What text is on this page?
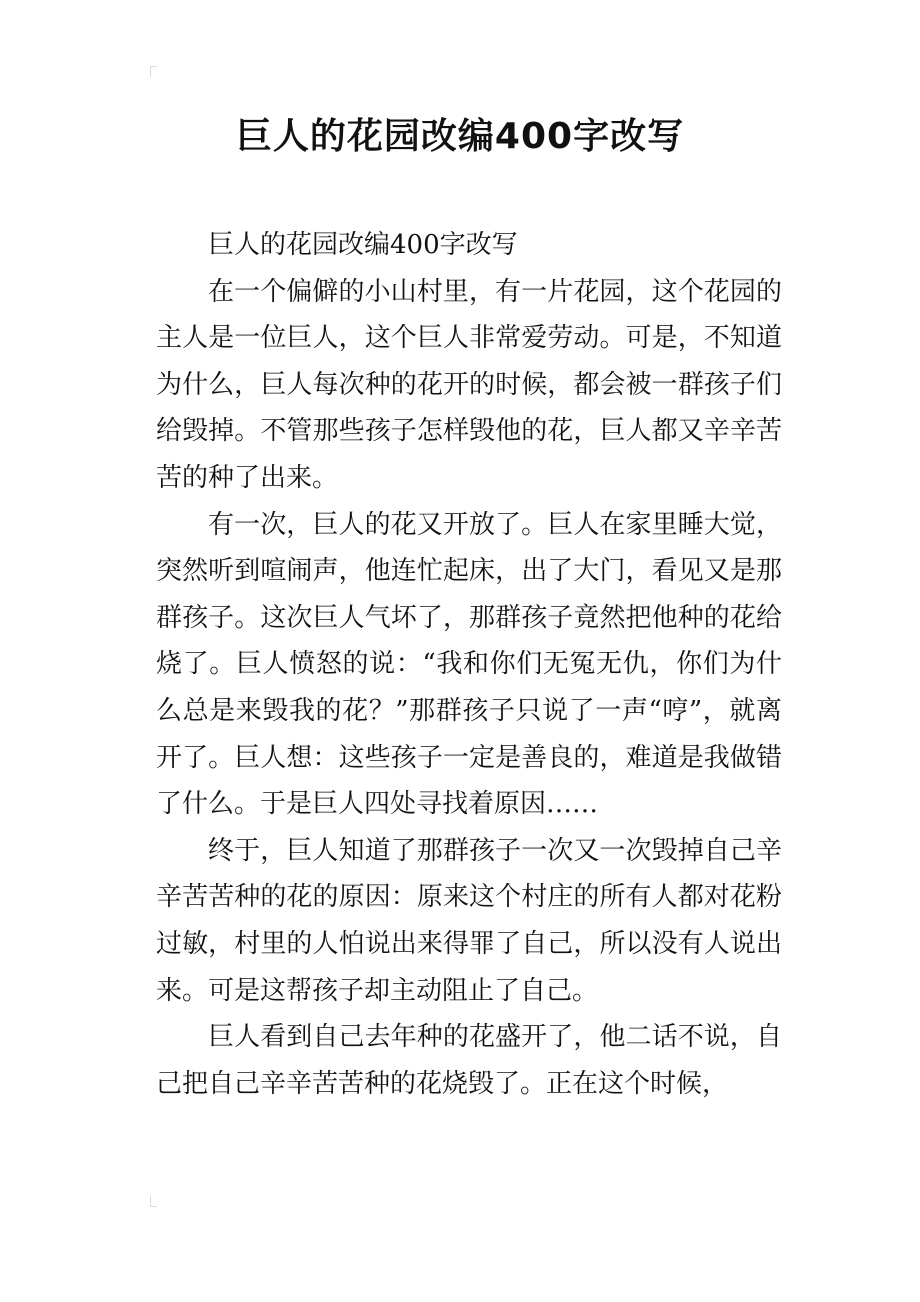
巨人的花园改编400字改写

巨人的花园改编400字改写

在一个偏僻的小山村里，有一片花园，这个花园的主人是一位巨人，这个巨人非常爱劳动。可是，不知道为什么，巨人每次种的花开的时候，都会被一群孩子们给毁掉。不管那些孩子怎样毁他的花，巨人都又辛辛苦苦的种了出来。

有一次，巨人的花又开放了。巨人在家里睡大觉，突然听到喧闹声，他连忙起床，出了大门，看见又是那群孩子。这次巨人气坏了，那群孩子竟然把他种的花给烧了。巨人愤怒的说：“我和你们无冤无仇，你们为什么总是来毁我的花？”那群孩子只说了一声“哼”，就离开了。巨人想：这些孩子一定是善良的，难道是我做错了什么。于是巨人四处寻找着原因……

终于，巨人知道了那群孩子一次又一次毁掉自己辛辛苦苦种的花的原因：原来这个村庄的所有人都对花粉过敏，村里的人怕说出来得罪了自己，所以没有人说出来。可是这帮孩子却主动阻止了自己。

巨人看到自己去年种的花盛开了，他二话不说，自己把自己辛辛苦苦种的花烧毁了。正在这个时候，
